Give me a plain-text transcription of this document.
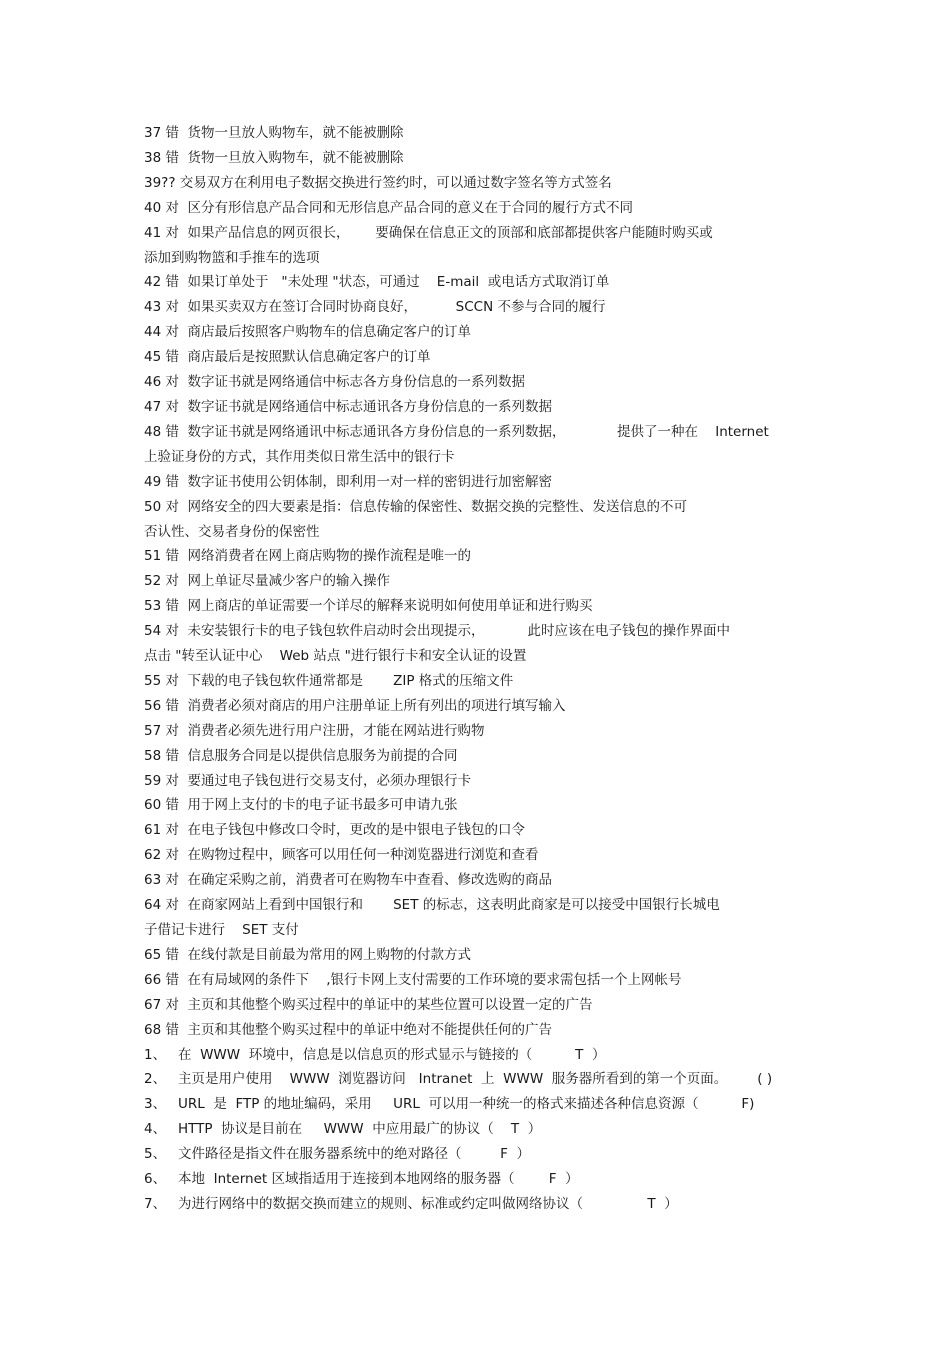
37 错  货物一旦放人购物车，就不能被删除
38 错  货物一旦放入购物车，就不能被删除
39?? 交易双方在利用电子数据交换进行签约时，可以通过数字签名等方式签名
40 对  区分有形信息产品合同和无形信息产品合同的意义在于合同的履行方式不同
41 对  如果产品信息的网页很长，      要确保在信息正文的顶部和底部都提供客户能随时购买或
添加到购物篮和手推车的选项
42 错  如果订单处于   "未处理 "状态，可通过    E-mail  或电话方式取消订单
43 对  如果买卖双方在签订合同时协商良好，         SCCN 不参与合同的履行
44 对  商店最后按照客户购物车的信息确定客户的订单
45 错  商店最后是按照默认信息确定客户的订单
46 对  数字证书就是网络通信中标志各方身份信息的一系列数据
47 对  数字证书就是网络通信中标志通讯各方身份信息的一系列数据
48 错  数字证书就是网络通讯中标志通讯各方身份信息的一系列数据，            提供了一种在    Internet
上验证身份的方式，其作用类似日常生活中的银行卡
49 错  数字证书使用公钥体制，即利用一对一样的密钥进行加密解密
50 对  网络安全的四大要素是指：信息传输的保密性、数据交换的完整性、发送信息的不可
否认性、交易者身份的保密性
51 错  网络消费者在网上商店购物的操作流程是唯一的
52 对  网上单证尽量减少客户的输入操作
53 错  网上商店的单证需要一个详尽的解释来说明如何使用单证和进行购买
54 对  未安装银行卡的电子钱包软件启动时会出现提示，          此时应该在电子钱包的操作界面中
点击 "转至认证中心    Web 站点 "进行银行卡和安全认证的设置
55 对  下载的电子钱包软件通常都是       ZIP 格式的压缩文件
56 错  消费者必须对商店的用户注册单证上所有列出的项进行填写输入
57 对  消费者必须先进行用户注册，才能在网站进行购物
58 错  信息服务合同是以提供信息服务为前提的合同
59 对  要通过电子钱包进行交易支付，必须办理银行卡
60 错  用于网上支付的卡的电子证书最多可申请九张
61 对  在电子钱包中修改口令时，更改的是中银电子钱包的口令
62 对  在购物过程中，顾客可以用任何一种浏览器进行浏览和查看
63 对  在确定采购之前，消费者可在购物车中查看、修改选购的商品
64 对  在商家网站上看到中国银行和       SET 的标志，这表明此商家是可以接受中国银行长城电
子借记卡进行    SET 支付
65 错  在线付款是目前最为常用的网上购物的付款方式
66 错  在有局域网的条件下    ,银行卡网上支付需要的工作环境的要求需包括一个上网帐号
67 对  主页和其他整个购买过程中的单证中的某些位置可以设置一定的广告
68 错  主页和其他整个购买过程中的单证中绝对不能提供任何的广告
1、 在  WWW  环境中，信息是以信息页的形式显示与链接的（          T  ）
2、 主页是用户使用    WWW  浏览器访问   Intranet  上  WWW  服务器所看到的第一个页面。       ( )
3、 URL  是  FTP 的地址编码，采用     URL  可以用一种统一的格式来描述各种信息资源（          F)
4、 HTTP  协议是目前在     WWW  中应用最广的协议（    T  ）
5、 文件路径是指文件在服务器系统中的绝对路径（         F  ）
6、 本地  Internet 区域指适用于连接到本地网络的服务器（        F  ）
7、 为进行网络中的数据交换而建立的规则、标准或约定叫做网络协议（               T  ）
